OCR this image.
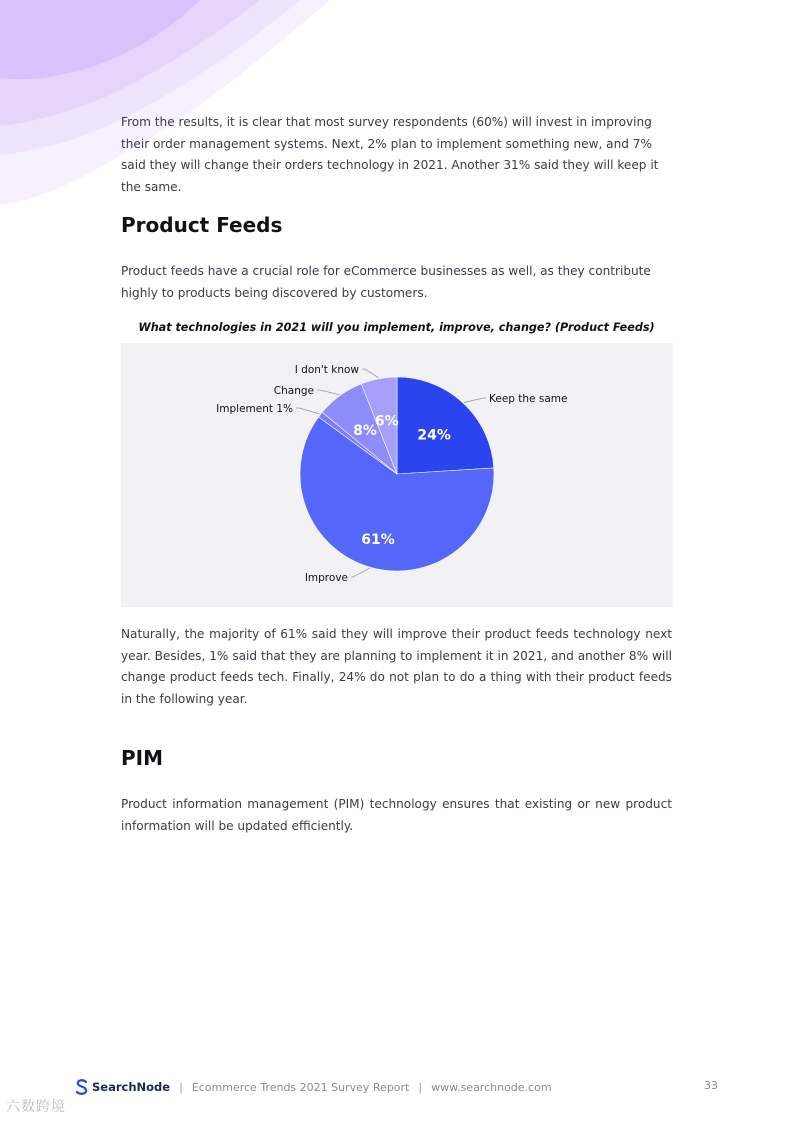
From the results, it is clear that most survey respondents (60%) will invest in improving their order management systems. Next, 2% plan to implement something new, and 7% said they will change their orders technology in 2021. Another 31% said they will keep it the same.

Product Feeds

Product feeds have a crucial role for eCommerce businesses as well, as they contribute highly to products being discovered by customers.

What technologies in 2021 will you implement, improve, change? (Product Feeds)
24%
Keep the same
61%
Improve
Implement 1%
8%
Change
6%
I don't know

Naturally, the majority of 61% said they will improve their product feeds technology next year. Besides, 1% said that they are planning to implement it in 2021, and another 8% will change product feeds tech. Finally, 24% do not plan to do a thing with their product feeds in the following year.

PIM

Product information management (PIM) technology ensures that existing or new product information will be updated efficiently.

SearchNode | Ecommerce Trends 2021 Survey Report | www.searchnode.com	33
六数跨境
